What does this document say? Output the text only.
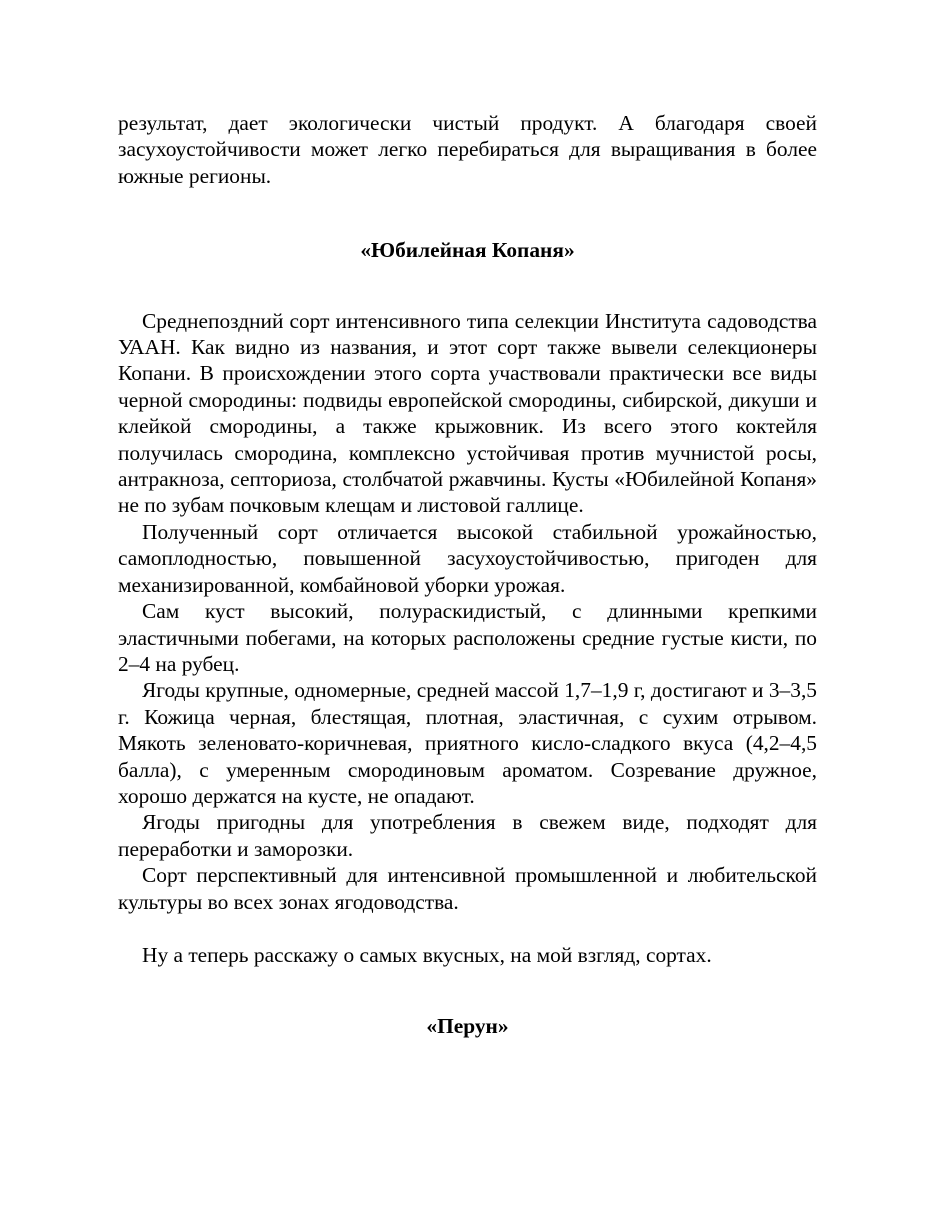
результат, дает экологически чистый продукт. А благодаря своей засухоустойчивости может легко перебираться для выращивания в более южные регионы.

«Юбилейная Копаня»

Среднепоздний сорт интенсивного типа селекции Института садоводства УААН. Как видно из названия, и этот сорт также вывели селекционеры Копани. В происхождении этого сорта участвовали практически все виды черной смородины: подвиды европейской смородины, сибирской, дикуши и клейкой смородины, а также крыжовник. Из всего этого коктейля получилась смородина, комплексно устойчивая против мучнистой росы, антракноза, септориоза, столбчатой ржавчины. Кусты «Юбилейной Копаня» не по зубам почковым клещам и листовой галлице.

Полученный сорт отличается высокой стабильной урожайностью, самоплодностью, повышенной засухоустойчивостью, пригоден для механизированной, комбайновой уборки урожая.

Сам куст высокий, полураскидистый, с длинными крепкими эластичными побегами, на которых расположены средние густые кисти, по 2–4 на рубец.

Ягоды крупные, одномерные, средней массой 1,7–1,9 г, достигают и 3–3,5 г. Кожица черная, блестящая, плотная, эластичная, с сухим отрывом. Мякоть зеленовато-коричневая, приятного кисло-сладкого вкуса (4,2–4,5 балла), с умеренным смородиновым ароматом. Созревание дружное, хорошо держатся на кусте, не опадают.

Ягоды пригодны для употребления в свежем виде, подходят для переработки и заморозки.

Сорт перспективный для интенсивной промышленной и любительской культуры во всех зонах ягодоводства.

Ну а теперь расскажу о самых вкусных, на мой взгляд, сортах.

«Перун»
